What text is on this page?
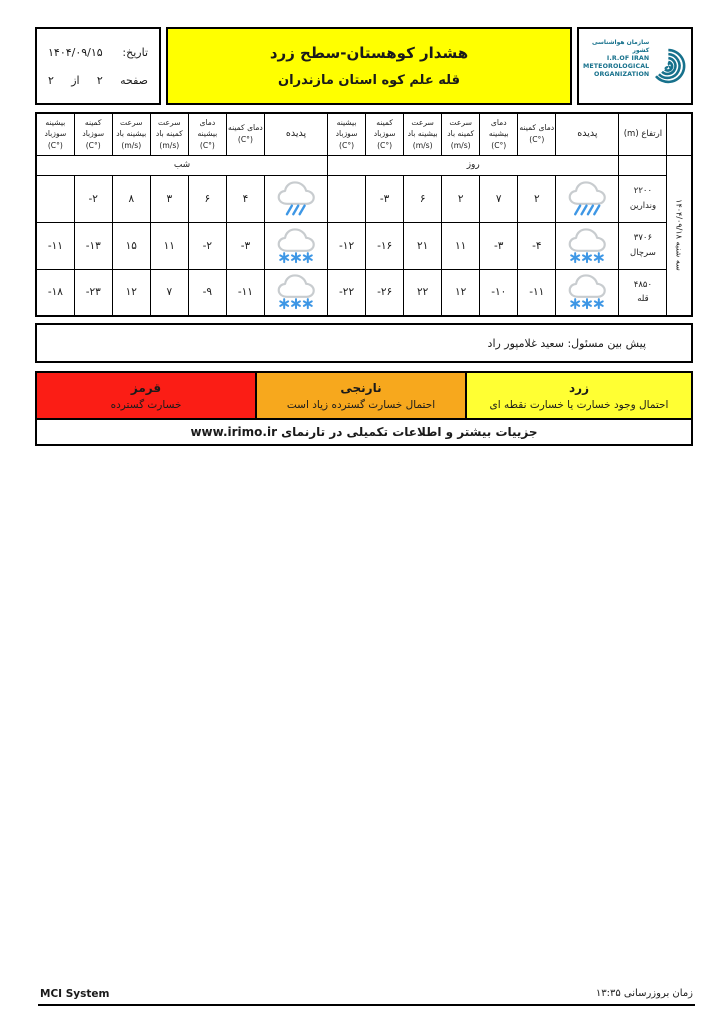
سازمان هواشناسی کشور
I.R.OF IRAN
METEOROLOGICAL
ORGANIZATION
هشدار کوهستان-سطح زرد
قله علم کوه استان مازندران
تاریخ:
۱۴۰۴/۰۹/۱۵
صفحه
۲
از
۲
	ارتفاع (m)	پدیده	دمای کمینه (°C)	دمای بیشینه (°C)	سرعت کمینه باد (m/s)	سرعت بیشینه باد (m/s)	کمینه سوزباد (°C)	بیشینه سوزباد (°C)	پدیده	دمای کمینه (°C)	دمای بیشینه (°C)	سرعت کمینه باد (m/s)	سرعت بیشینه باد (m/s)	کمینه سوزباد (°C)	بیشینه سوزباد (°C)

سه شنبه ۱۴۰۴/۰۹/۱۸		روز							شب						

	۲۲۰۰
وندارین		۲	۷	۲	۶	-۳			۴	۶	۳	۸	-۲	

	۳۷۰۶
سرچال		-۴	-۳	۱۱	۲۱	-۱۶	-۱۲		-۳	-۲	۱۱	۱۵	-۱۳	-۱۱

	۴۸۵۰
قله		-۱۱	-۱۰	۱۲	۲۲	-۲۶	-۲۲		-۱۱	-۹	۷	۱۲	-۲۳	-۱۸
پیش بین مسئول: سعید غلامپور راد
زرد
احتمال وجود خسارت یا خسارت نقطه ای
نارنجی
احتمال خسارت گسترده زیاد است
قرمز
خسارت گسترده
جزییات بیشتر و اطلاعات تکمیلی در تارنمای www.irimo.ir
MCI System	زمان بروزرسانی ۱۳:۳۵
